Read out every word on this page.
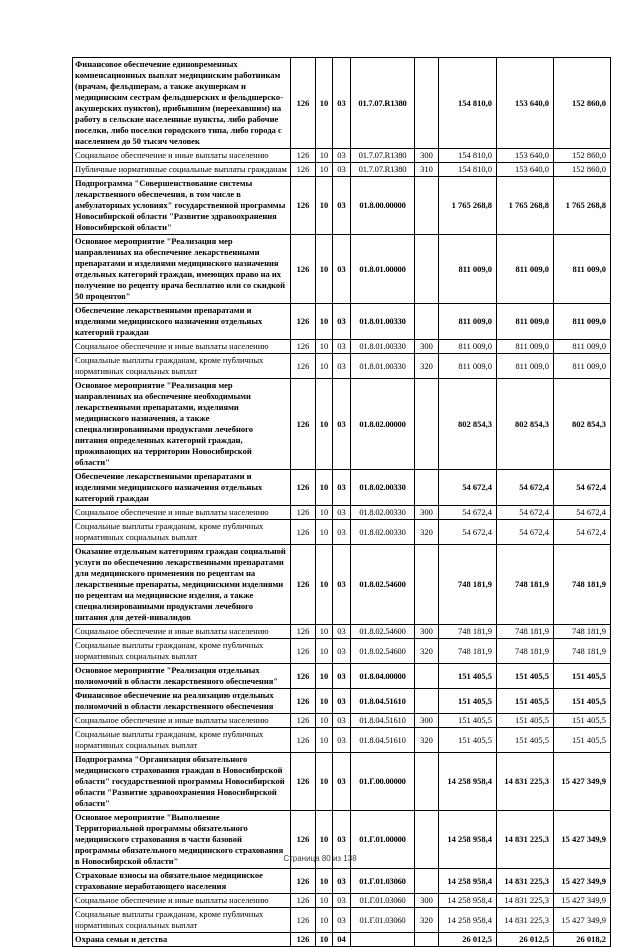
Финансовое обеспечение единовременных компенсационных выплат медицинским работникам (врачам, фельдшерам, а также акушеркам и медицинским сестрам фельдшерских и фельдшерско-акушерских пунктов), прибывшим (переехавшим) на работу в сельские населенные пункты, либо рабочие поселки, либо поселки городского типа, либо города с населением до 50 тысяч человек	126	10	03	01.7.07.R1380		154 810,0	153 640,0	152 860,0
Социальное обеспечение и иные выплаты населению	126	10	03	01.7.07.R1380	300	154 810,0	153 640,0	152 860,0
Публичные нормативные социальные выплаты гражданам	126	10	03	01.7.07.R1380	310	154 810,0	153 640,0	152 860,0
Подпрограмма "Совершенствование системы лекарственного обеспечения, в том числе в амбулаторных условиях" государственной программы Новосибирской области "Развитие здравоохранения Новосибирской области"	126	10	03	01.8.00.00000		1 765 268,8	1 765 268,8	1 765 268,8
Основное мероприятие "Реализация мер направленных на обеспечение лекарственными препаратами и изделиями медицинского назначения отдельных категорий граждан, имеющих право на их получение по рецепту врача бесплатно или со скидкой 50 процентов"	126	10	03	01.8.01.00000		811 009,0	811 009,0	811 009,0
Обеспечение лекарственными препаратами и изделиями медицинского назначения отдельных категорий граждан	126	10	03	01.8.01.00330		811 009,0	811 009,0	811 009,0
Социальное обеспечение и иные выплаты населению	126	10	03	01.8.01.00330	300	811 009,0	811 009,0	811 009,0
Социальные выплаты гражданам, кроме публичных нормативных социальных выплат	126	10	03	01.8.01.00330	320	811 009,0	811 009,0	811 009,0
Основное мероприятие "Реализация мер направленных на обеспечение необходимыми лекарственными препаратами, изделиями медицинского назначения, а также специализированными продуктами лечебного питания определенных категорий граждан, проживающих на территории Новосибирской области"	126	10	03	01.8.02.00000		802 854,3	802 854,3	802 854,3
Обеспечение лекарственными препаратами и изделиями медицинского назначения отдельных категорий граждан	126	10	03	01.8.02.00330		54 672,4	54 672,4	54 672,4
Социальное обеспечение и иные выплаты населению	126	10	03	01.8.02.00330	300	54 672,4	54 672,4	54 672,4
Социальные выплаты гражданам, кроме публичных нормативных социальных выплат	126	10	03	01.8.02.00330	320	54 672,4	54 672,4	54 672,4
Оказание отдельным категориям граждан социальной услуги по обеспечению лекарственными препаратами для медицинского применения по рецептам на лекарственные препараты, медицинскими изделиями по рецептам на медицинские изделия, а также специализированными продуктами лечебного питания для детей-инвалидов	126	10	03	01.8.02.54600		748 181,9	748 181,9	748 181,9
Социальное обеспечение и иные выплаты населению	126	10	03	01.8.02.54600	300	748 181,9	748 181,9	748 181,9
Социальные выплаты гражданам, кроме публичных нормативных социальных выплат	126	10	03	01.8.02.54600	320	748 181,9	748 181,9	748 181,9
Основное мероприятие "Реализация отдельных полномочий в области лекарственного обеспечения"	126	10	03	01.8.04.00000		151 405,5	151 405,5	151 405,5
Финансовое обеспечение на реализацию отдельных полномочий в области лекарственного обеспечения	126	10	03	01.8.04.51610		151 405,5	151 405,5	151 405,5
Социальное обеспечение и иные выплаты населению	126	10	03	01.8.04.51610	300	151 405,5	151 405,5	151 405,5
Социальные выплаты гражданам, кроме публичных нормативных социальных выплат	126	10	03	01.8.04.51610	320	151 405,5	151 405,5	151 405,5
Подпрограмма "Организация обязательного медицинского страхования граждан в Новосибирской области" государственной программы Новосибирской области "Развитие здравоохранения Новосибирской области"	126	10	03	01.Г.00.00000		14 258 958,4	14 831 225,3	15 427 349,9
Основное мероприятие "Выполнение Территориальной программы обязательного медицинского страхования в части базовой программы обязательного медицинского страхования в Новосибирской области"	126	10	03	01.Г.01.00000		14 258 958,4	14 831 225,3	15 427 349,9
Страховые взносы на обязательное медицинское страхование неработающего населения	126	10	03	01.Г.01.03060		14 258 958,4	14 831 225,3	15 427 349,9
Социальное обеспечение и иные выплаты населению	126	10	03	01.Г.01.03060	300	14 258 958,4	14 831 225,3	15 427 349,9
Социальные выплаты гражданам, кроме публичных нормативных социальных выплат	126	10	03	01.Г.01.03060	320	14 258 958,4	14 831 225,3	15 427 349,9
Охрана семьи и детства	126	10	04			26 012,5	26 012,5	26 018,2
Страница 80 из 138
